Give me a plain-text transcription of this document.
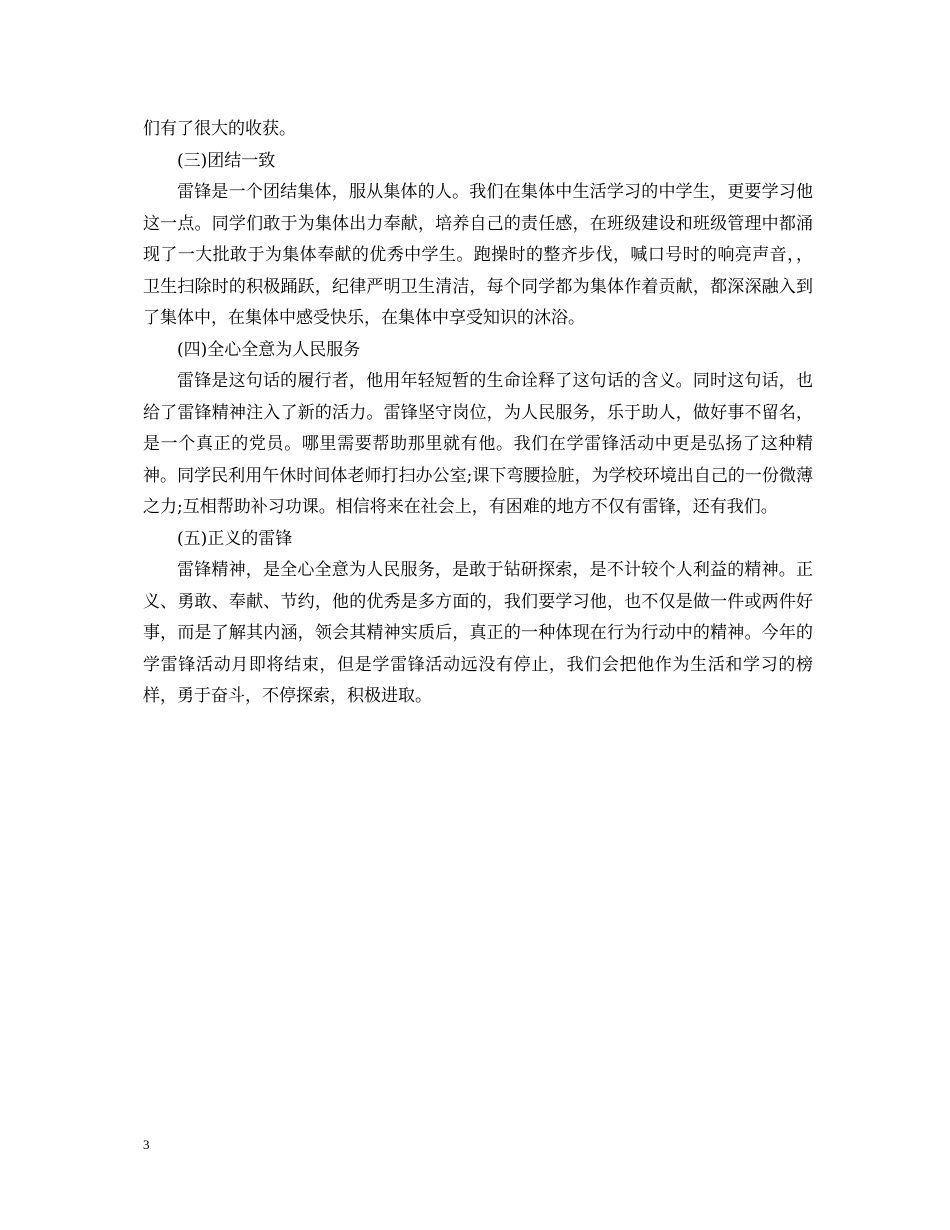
们有了很大的收获。

(三)团结一致

雷锋是一个团结集体，服从集体的人。我们在集体中生活学习的中学生，更要学习他这一点。同学们敢于为集体出力奉献，培养自己的责任感，在班级建设和班级管理中都涌现了一大批敢于为集体奉献的优秀中学生。跑操时的整齐步伐，喊口号时的响亮声音，，卫生扫除时的积极踊跃，纪律严明卫生清洁，每个同学都为集体作着贡献，都深深融入到了集体中，在集体中感受快乐，在集体中享受知识的沐浴。

(四)全心全意为人民服务

雷锋是这句话的履行者，他用年轻短暂的生命诠释了这句话的含义。同时这句话，也给了雷锋精神注入了新的活力。雷锋坚守岗位，为人民服务，乐于助人，做好事不留名，是一个真正的党员。哪里需要帮助那里就有他。我们在学雷锋活动中更是弘扬了这种精神。同学民利用午休时间体老师打扫办公室;课下弯腰捡脏，为学校环境出自己的一份微薄之力;互相帮助补习功课。相信将来在社会上，有困难的地方不仅有雷锋，还有我们。

(五)正义的雷锋

雷锋精神，是全心全意为人民服务，是敢于钻研探索，是不计较个人利益的精神。正义、勇敢、奉献、节约，他的优秀是多方面的，我们要学习他，也不仅是做一件或两件好事，而是了解其内涵，领会其精神实质后，真正的一种体现在行为行动中的精神。今年的学雷锋活动月即将结束，但是学雷锋活动远没有停止，我们会把他作为生活和学习的榜样，勇于奋斗，不停探索，积极进取。

3
